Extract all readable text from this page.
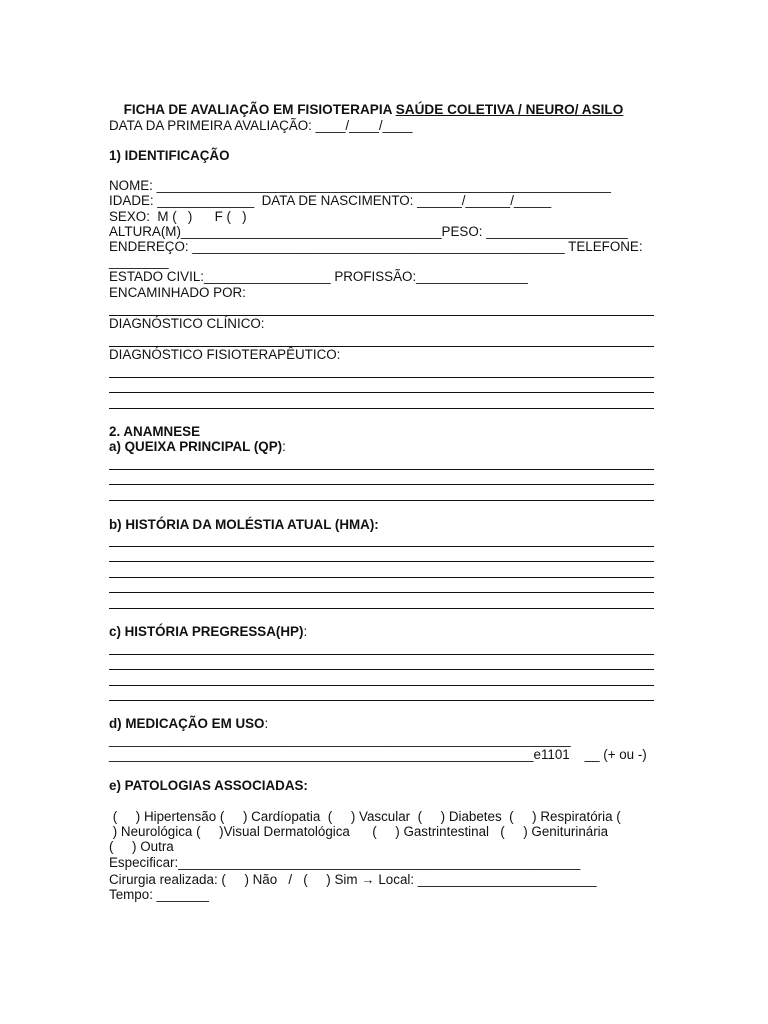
FICHA DE AVALIAÇÃO EM FISIOTERAPIA SAÚDE COLETIVA / NEURO/ ASILO

DATA DA PRIMEIRA AVALIAÇÃO: ____/____/____
1) IDENTIFICAÇÃO
NOME: _____________________________________________________________
IDADE: _____________  DATA DE NASCIMENTO: ______/______/_____
SEXO:  M (   )      F (   )
ALTURA(M)___________________________________PESO: ___________________
ENDEREÇO: __________________________________________________ TELEFONE:
________
ESTADO CIVIL:_________________ PROFISSÃO:_______________
ENCAMINHADO POR:
DIAGNÓSTICO CLÍNICO:
DIAGNÓSTICO FISIOTERAPÊUTICO:
2. ANAMNESE
a) QUEIXA PRINCIPAL (QP):
b) HISTÓRIA DA MOLÉSTIA ATUAL (HMA):
c) HISTÓRIA PREGRESSA(HP):
d) MEDICAÇÃO EM USO:
______________________________________________________________
_________________________________________________________e1101    __ (+ ou -)
e) PATOLOGIAS ASSOCIADAS:
(     ) Hipertensão (     ) Cardíopatia  (     ) Vascular  (     ) Diabetes  (     ) Respiratória (
) Neurológica (     )Visual Dermatológica      (     ) Gastrintestinal   (     ) Geniturinária
(     ) Outra
Especificar:______________________________________________________
Cirurgia realizada: (     ) Não   /   (     ) Sim → Local: ________________________
Tempo: _______
